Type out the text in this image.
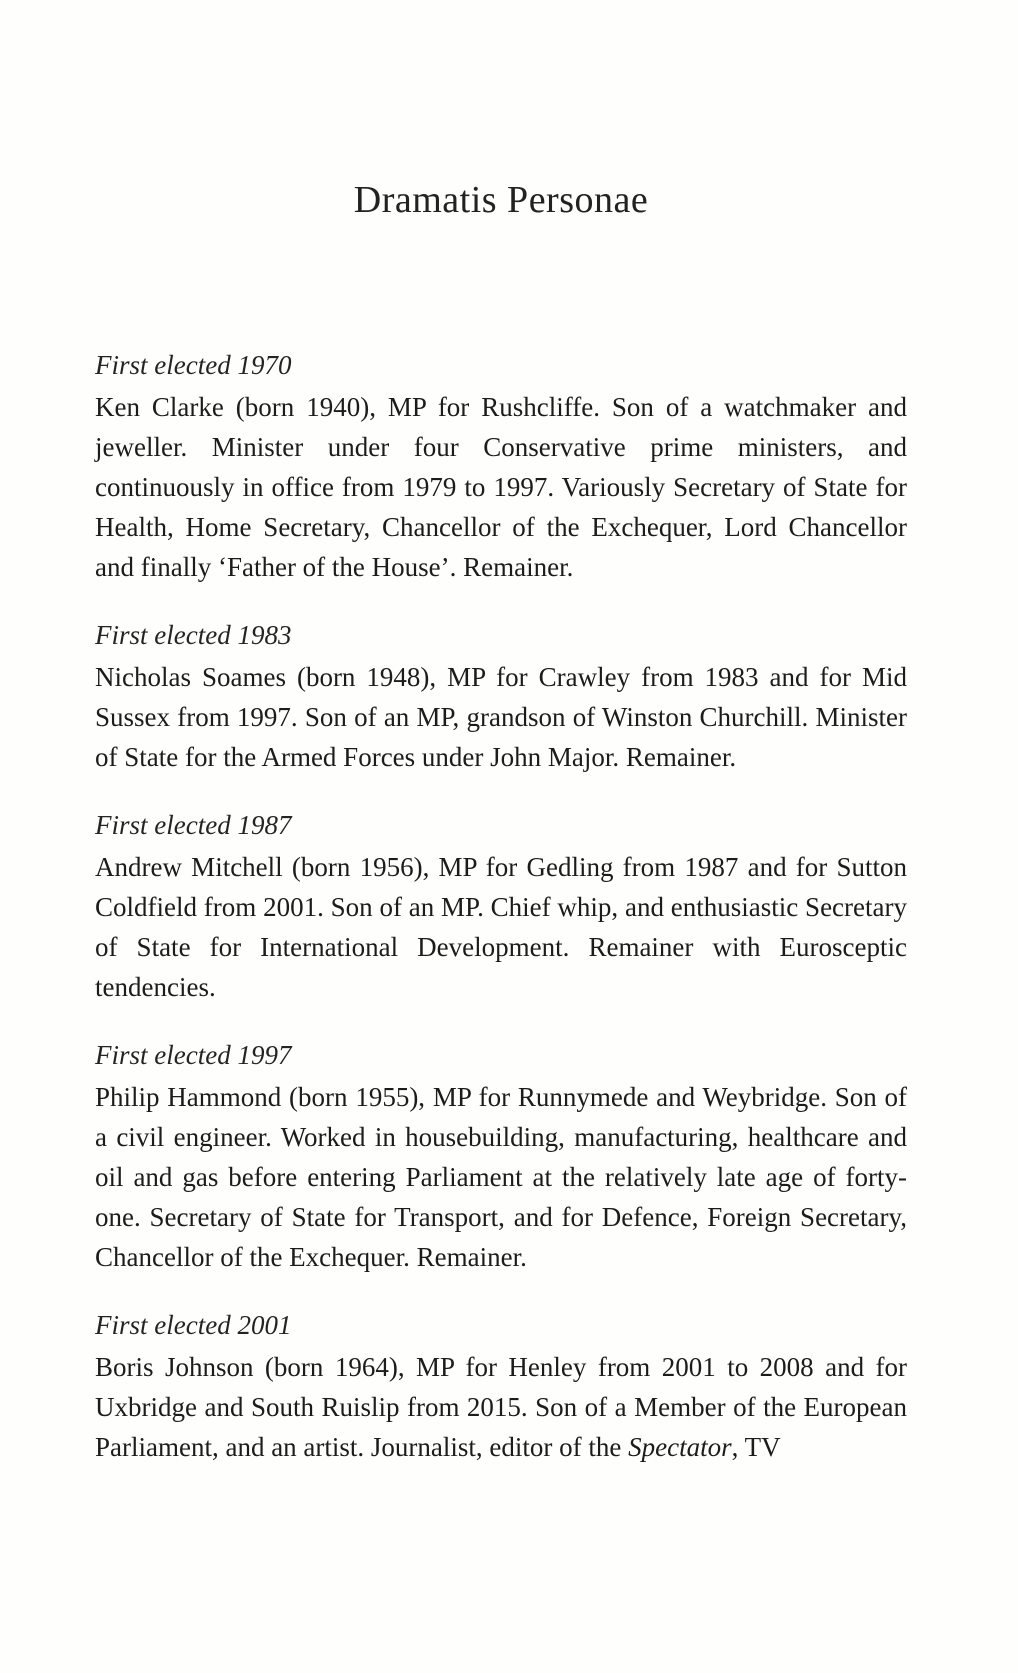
Dramatis Personae
First elected 1970

Ken Clarke (born 1940), MP for Rushcliffe. Son of a watchmaker and jeweller. Minister under four Conservative prime ministers, and continuously in office from 1979 to 1997. Variously Secretary of State for Health, Home Secretary, Chancellor of the Exchequer, Lord Chancellor and finally ‘Father of the House’. Remainer.

First elected 1983

Nicholas Soames (born 1948), MP for Crawley from 1983 and for Mid Sussex from 1997. Son of an MP, grandson of Winston Churchill. Minister of State for the Armed Forces under John Major. Remainer.

First elected 1987

Andrew Mitchell (born 1956), MP for Gedling from 1987 and for Sutton Coldfield from 2001. Son of an MP. Chief whip, and enthusiastic Secretary of State for International Development. Remainer with Eurosceptic tendencies.

First elected 1997

Philip Hammond (born 1955), MP for Runnymede and Weybridge. Son of a civil engineer. Worked in housebuilding, manufacturing, healthcare and oil and gas before entering Parliament at the relatively late age of forty-one. Secretary of State for Transport, and for Defence, Foreign Secretary, Chancellor of the Exchequer. Remainer.

First elected 2001

Boris Johnson (born 1964), MP for Henley from 2001 to 2008 and for Uxbridge and South Ruislip from 2015. Son of a Member of the European Parliament, and an artist. Journalist, editor of the Spectator, TV
